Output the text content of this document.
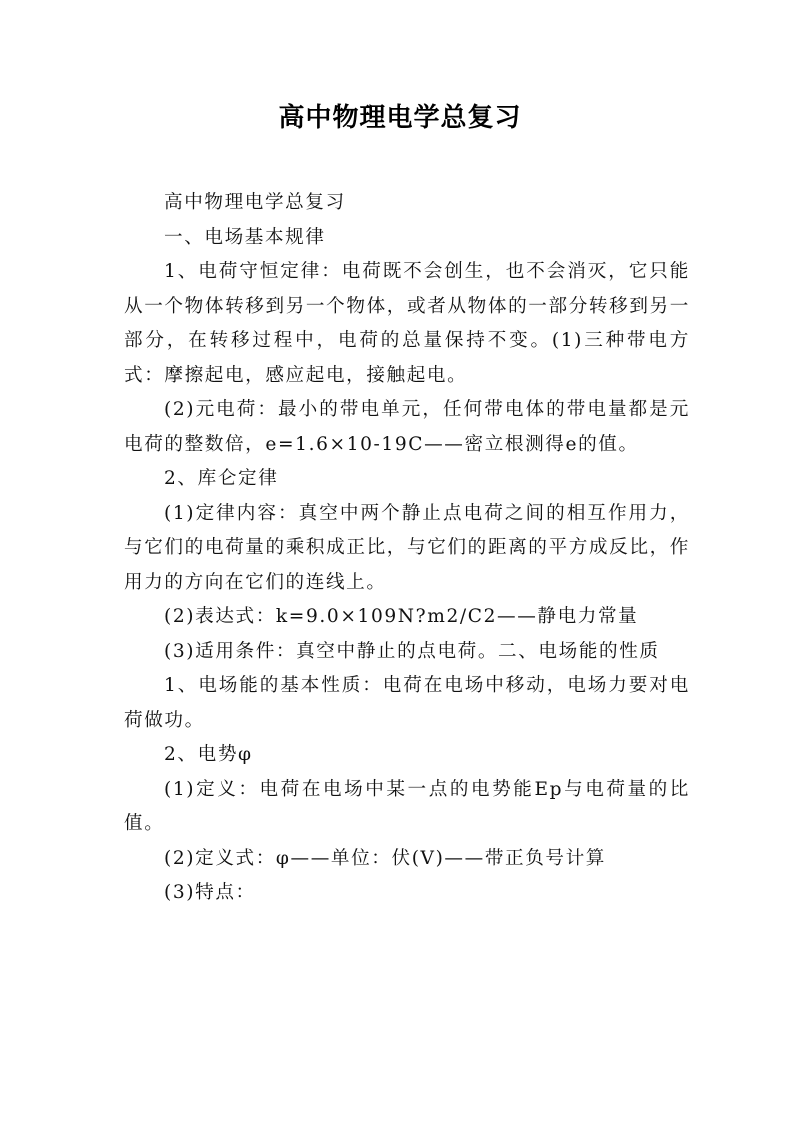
高中物理电学总复习

高中物理电学总复习

一、电场基本规律

1、电荷守恒定律：电荷既不会创生，也不会消灭，它只能从一个物体转移到另一个物体，或者从物体的一部分转移到另一部分，在转移过程中，电荷的总量保持不变。(1)三种带电方式：摩擦起电，感应起电，接触起电。

(2)元电荷：最小的带电单元，任何带电体的带电量都是元电荷的整数倍，e=1.6×10-19C——密立根测得e的值。

2、库仑定律

(1)定律内容：真空中两个静止点电荷之间的相互作用力，与它们的电荷量的乘积成正比，与它们的距离的平方成反比，作用力的方向在它们的连线上。

(2)表达式：k=9.0×109N?m2/C2——静电力常量

(3)适用条件：真空中静止的点电荷。二、电场能的性质

1、电场能的基本性质：电荷在电场中移动，电场力要对电荷做功。

2、电势φ

(1)定义：电荷在电场中某一点的电势能Ep与电荷量的比值。

(2)定义式：φ——单位：伏(V)——带正负号计算

(3)特点：
